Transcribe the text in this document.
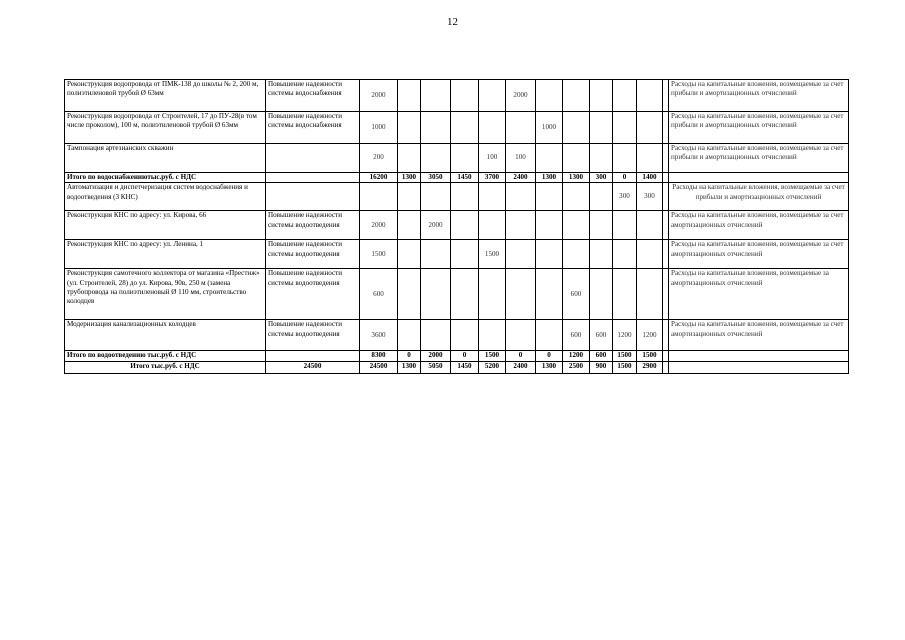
12
Реконструкция водопровода от ПМК-138 до школы № 2, 200 м, полиэтиленовой трубой Ø 63мм	Повышение надежности системы водоснабжения	2000					2000							Расходы на капитальные вложения, возмещаемые за счет прибыли и амортизационных отчислений
Реконструкция водопровода от Строителей, 17 до ПУ-28(в том числе проколом), 100 м, полиэтиленовой трубой Ø 63мм	Повышение надежности системы водоснабжения	1000						1000						Расходы на капитальные вложения, возмещаемые за счет прибыли и амортизационных отчислений
Тампонация артезианских скважин		200				100	100							Расходы на капитальные вложения, возмещаемые за счет прибыли и амортизационных отчислений
Итого по водоснабжениютыс.руб. с НДС		16200	1300	3050	1450	3700	2400	1300	1300	300	0	1400		
Автоматизация и диспетчеризация систем водоснабжения и водоотведения (3 КНС)											300	300		Расходы на капитальные вложения, возмещаемые за счет прибыли и амортизационных отчислений
Реконструкция КНС по адресу: ул. Кирова, 66	Повышение надежности системы водоотведения	2000		2000										Расходы на капитальные вложения, возмещаемые за счет амортизационных отчислений
Реконструкция КНС по адресу: ул. Ленина, 1	Повышение надежности системы водоотведения	1500				1500								Расходы на капитальные вложения, возмещаемые за счет амортизационных отчислений
Реконструкция самотечного коллектора от магазина «Престиж» (ул. Строителей, 28) до ул. Кирова, 90в, 250 м (замена трубопровода на полиэтиленовый Ø 110 мм, строительство колодцев	Повышение надежности системы водоотведения	600							600					Расходы на капитальные вложения, возмещаемые за амортизационных отчислений
Модернизация канализационных колодцев	Повышение надежности системы водоотведения	3600							600	600	1200	1200		Расходы на капитальные вложения, возмещаемые за счет амортизационных отчислений
Итого по водоотведению тыс.руб. с НДС		8300	0	2000	0	1500	0	0	1200	600	1500	1500		
Итого тыс.руб. с НДС	24500	24500	1300	5050	1450	5200	2400	1300	2500	900	1500	2900		
